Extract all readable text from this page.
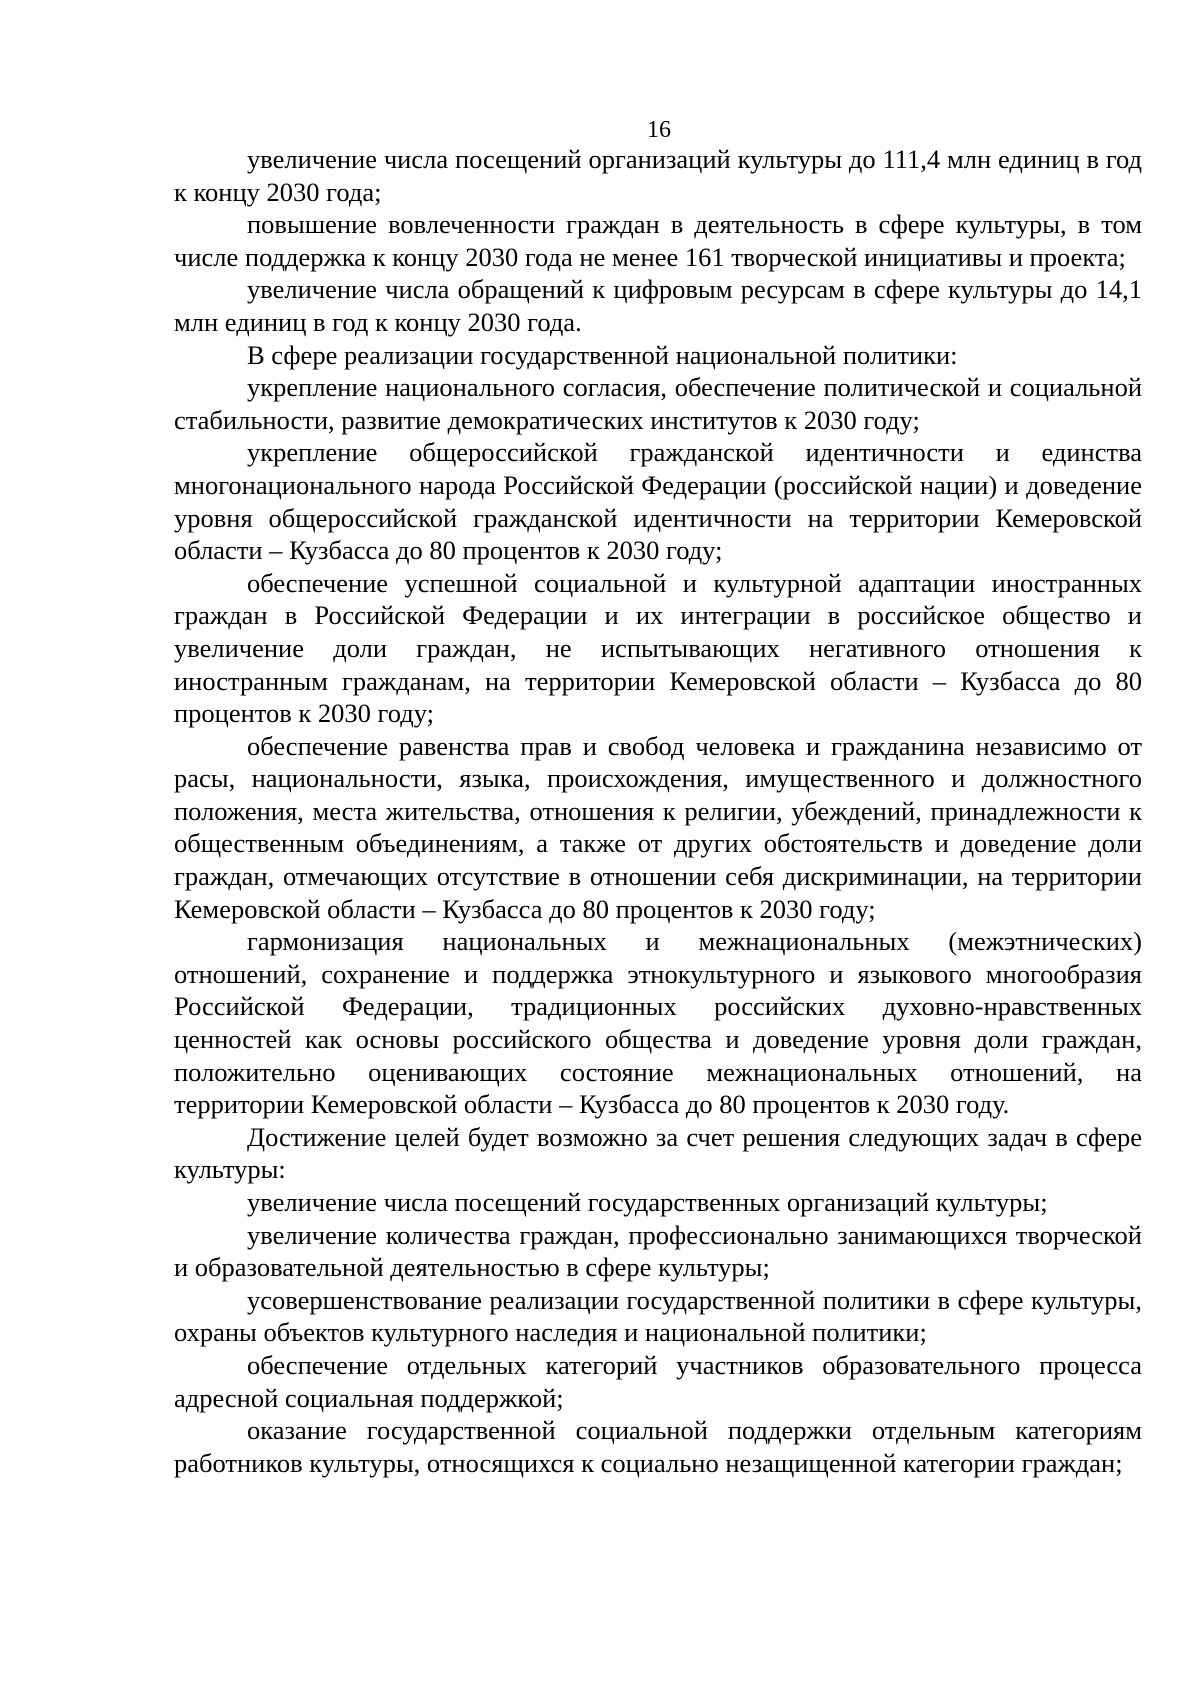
16

увеличение числа посещений организаций культуры до 111,4 млн единиц в год к концу 2030 года;

повышение вовлеченности граждан в деятельность в сфере культуры, в том числе поддержка к концу 2030 года не менее 161 творческой инициативы и проекта;

увеличение числа обращений к цифровым ресурсам в сфере культуры до 14,1 млн единиц в год к концу 2030 года.

В сфере реализации государственной национальной политики:

укрепление национального согласия, обеспечение политической и социальной стабильности, развитие демократических институтов к 2030 году;

укрепление общероссийской гражданской идентичности и единства многонационального народа Российской Федерации (российской нации) и доведение уровня общероссийской гражданской идентичности на территории Кемеровской области – Кузбасса до 80 процентов к 2030 году;

обеспечение успешной социальной и культурной адаптации иностранных граждан в Российской Федерации и их интеграции в российское общество и увеличение доли граждан, не испытывающих негативного отношения к иностранным гражданам, на территории Кемеровской области – Кузбасса до 80 процентов к 2030 году;

обеспечение равенства прав и свобод человека и гражданина независимо от расы, национальности, языка, происхождения, имущественного и должностного положения, места жительства, отношения к религии, убеждений, принадлежности к общественным объединениям, а также от других обстоятельств и доведение доли граждан, отмечающих отсутствие в отношении себя дискриминации, на территории Кемеровской области – Кузбасса до 80 процентов к 2030 году;

гармонизация национальных и межнациональных (межэтнических) отношений, сохранение и поддержка этнокультурного и языкового многообразия Российской Федерации, традиционных российских духовно-нравственных ценностей как основы российского общества и доведение уровня доли граждан, положительно оценивающих состояние межнациональных отношений, на территории Кемеровской области – Кузбасса до 80 процентов к 2030 году.

Достижение целей будет возможно за счет решения следующих задач в сфере культуры:

увеличение числа посещений государственных организаций культуры;

увеличение количества граждан, профессионально занимающихся творческой и образовательной деятельностью в сфере культуры;

усовершенствование реализации государственной политики в сфере культуры, охраны объектов культурного наследия и национальной политики;

обеспечение отдельных категорий участников образовательного процесса адресной социальная поддержкой;

оказание государственной социальной поддержки отдельным категориям работников культуры, относящихся к социально незащищенной категории граждан;
